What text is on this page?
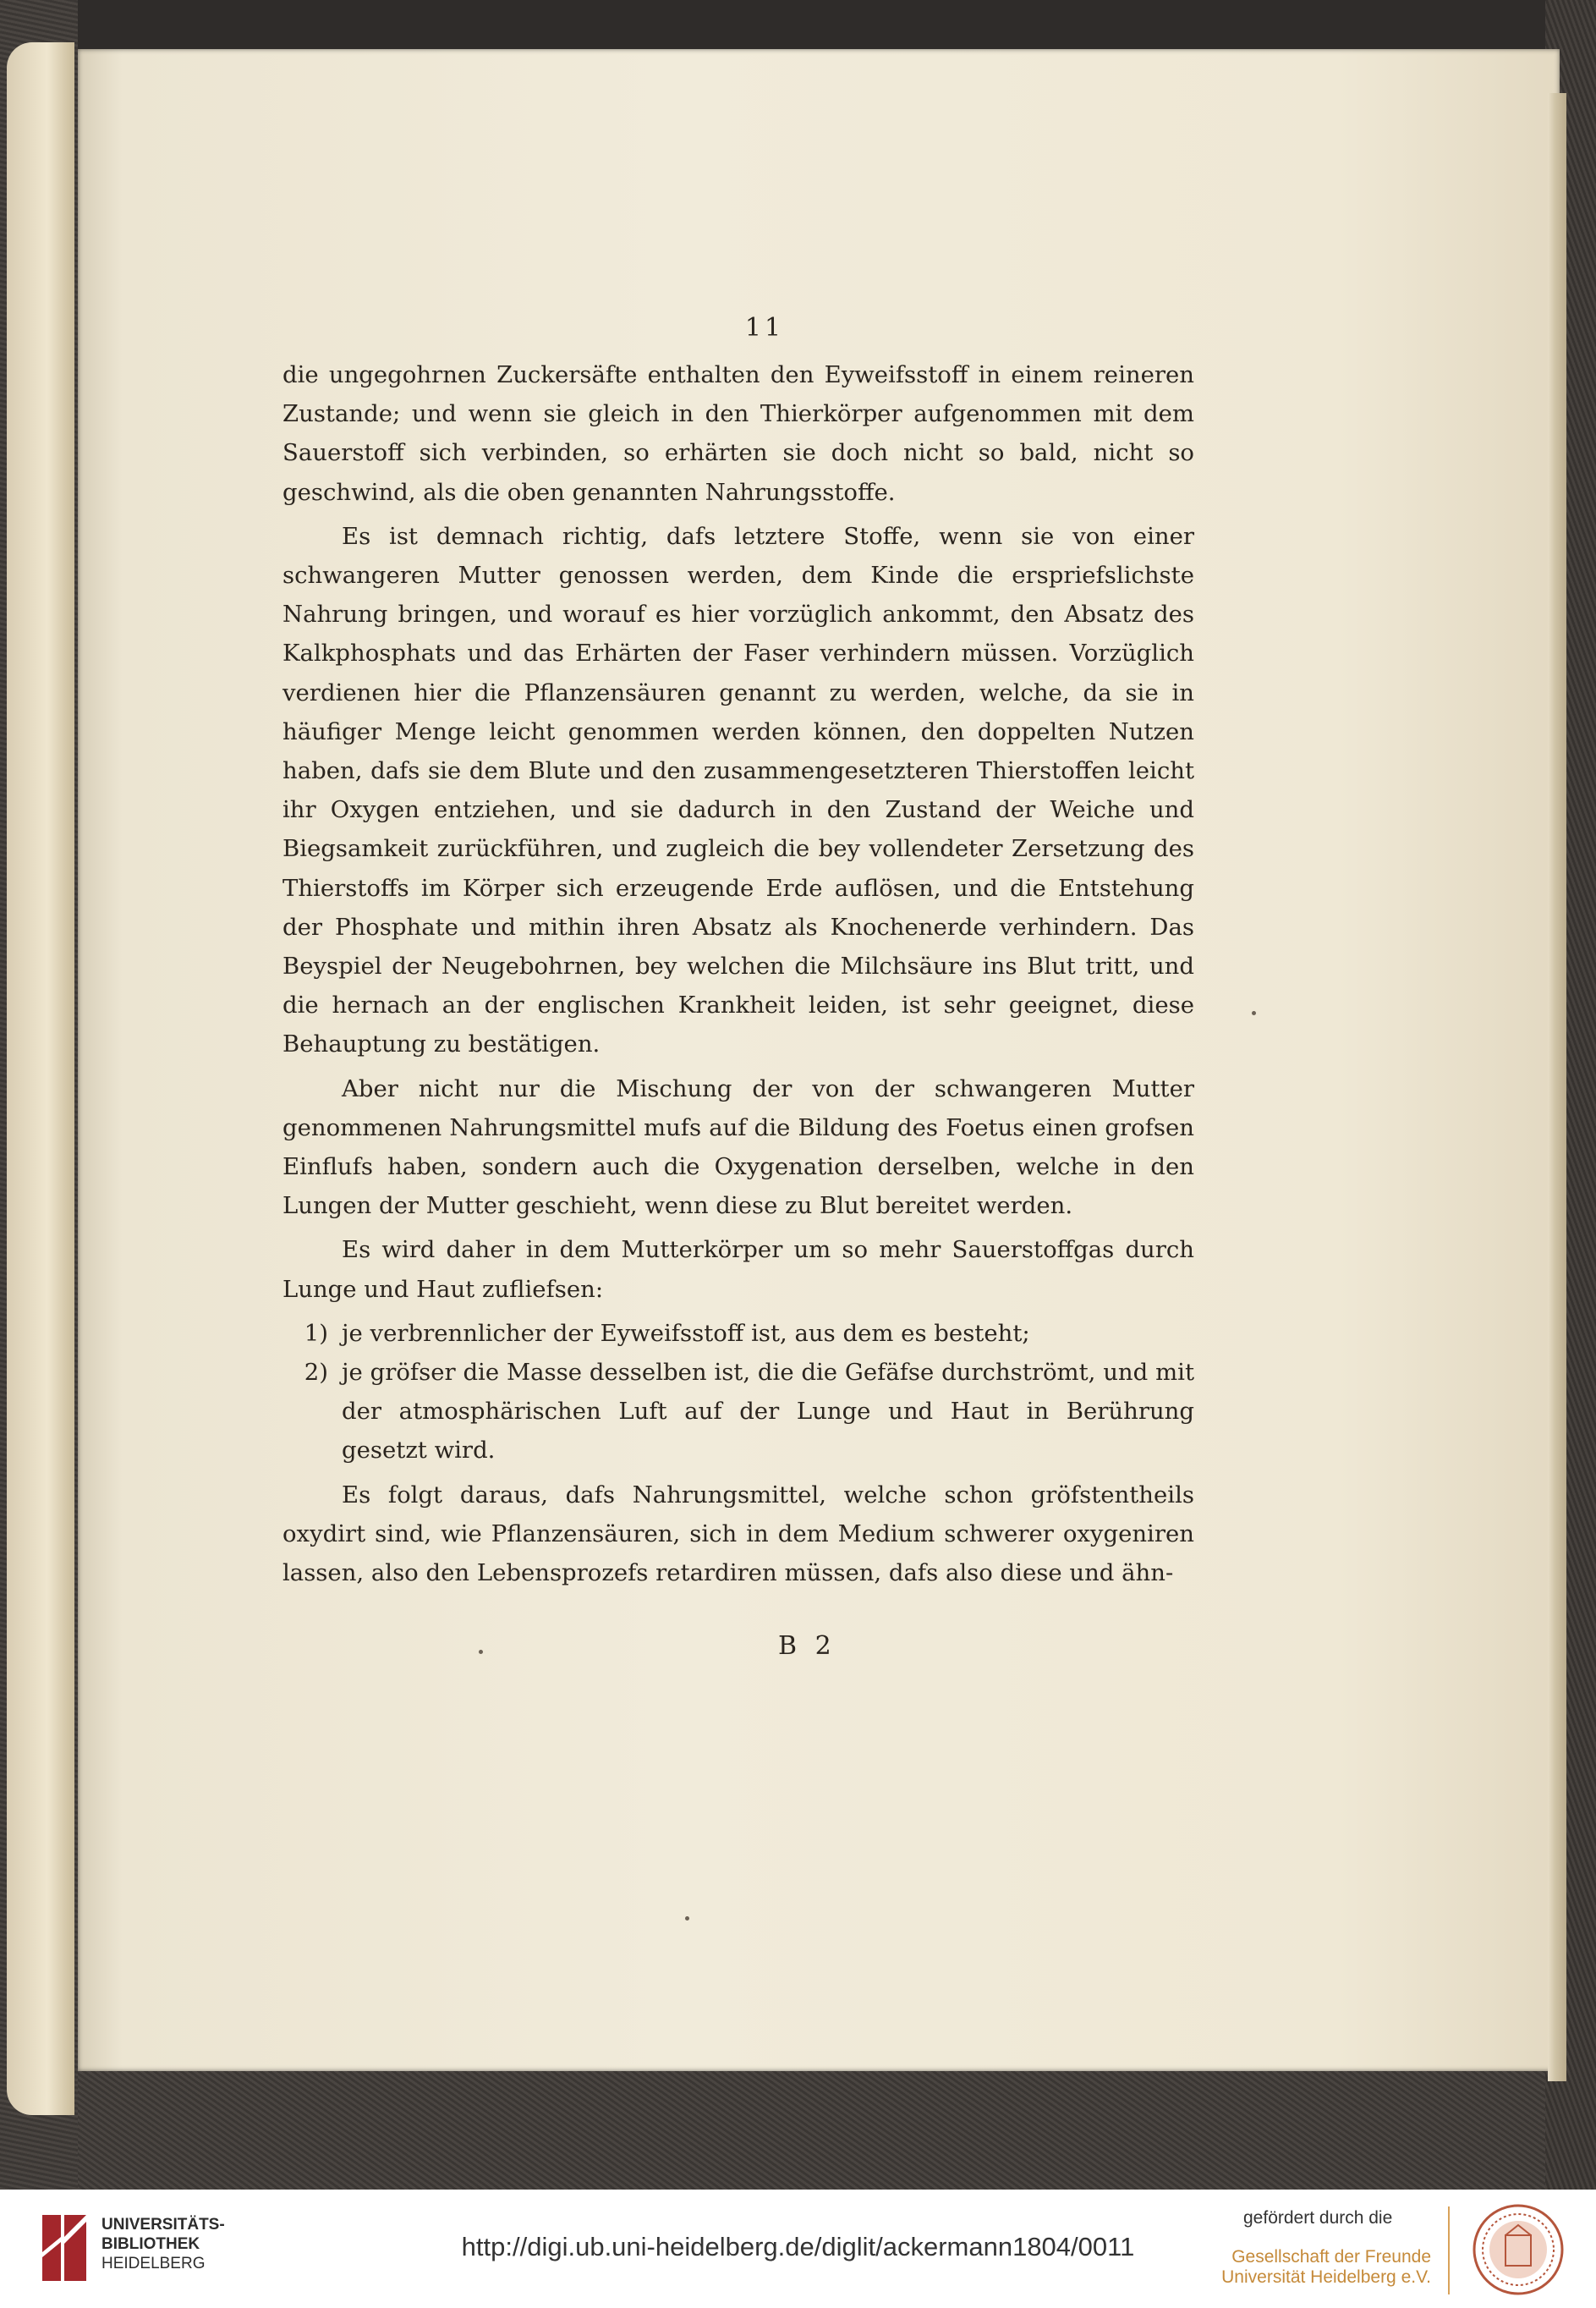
11

die ungegohrnen Zuckersäfte enthalten den Eyweifsstoff in einem reineren Zustande; und wenn sie gleich in den Thierkörper aufgenommen mit dem Sauerstoff sich verbinden, so erhärten sie doch nicht so bald, nicht so geschwind, als die oben genannten Nahrungsstoffe.

Es ist demnach richtig, dafs letztere Stoffe, wenn sie von einer schwangeren Mutter genossen werden, dem Kinde die erspriefslichste Nahrung bringen, und worauf es hier vorzüglich ankommt, den Absatz des Kalkphosphats und das Erhärten der Faser verhindern müssen. Vorzüglich verdienen hier die Pflanzensäuren genannt zu werden, welche, da sie in häufiger Menge leicht genommen werden können, den doppelten Nutzen haben, dafs sie dem Blute und den zusammengesetzteren Thierstoffen leicht ihr Oxygen entziehen, und sie dadurch in den Zustand der Weiche und Biegsamkeit zurückführen, und zugleich die bey vollendeter Zersetzung des Thierstoffs im Körper sich erzeugende Erde auflösen, und die Entstehung der Phosphate und mithin ihren Absatz als Knochenerde verhindern. Das Beyspiel der Neugebohrnen, bey welchen die Milchsäure ins Blut tritt, und die hernach an der englischen Krankheit leiden, ist sehr geeignet, diese Behauptung zu bestätigen.

Aber nicht nur die Mischung der von der schwangeren Mutter genommenen Nahrungsmittel mufs auf die Bildung des Foetus einen grofsen Einflufs haben, sondern auch die Oxygenation derselben, welche in den Lungen der Mutter geschieht, wenn diese zu Blut bereitet werden.

Es wird daher in dem Mutterkörper um so mehr Sauerstoffgas durch Lunge und Haut zufliefsen:

1) je verbrennlicher der Eyweifsstoff ist, aus dem es besteht;
2) je gröfser die Masse desselben ist, die die Gefäfse durchströmt, und mit der atmosphärischen Luft auf der Lunge und Haut in Berührung gesetzt wird.

Es folgt daraus, dafs Nahrungsmittel, welche schon gröfstentheils oxydirt sind, wie Pflanzensäuren, sich in dem Medium schwerer oxygeniren lassen, also den Lebensprozefs retardiren müssen, dafs also diese und ähn-

B 2
UNIVERSITÄTS-
BIBLIOTHEK
HEIDELBERG
http://digi.ub.uni-heidelberg.de/diglit/ackermann1804/0011
gefördert durch die
Gesellschaft der Freunde
Universität Heidelberg e.V.
